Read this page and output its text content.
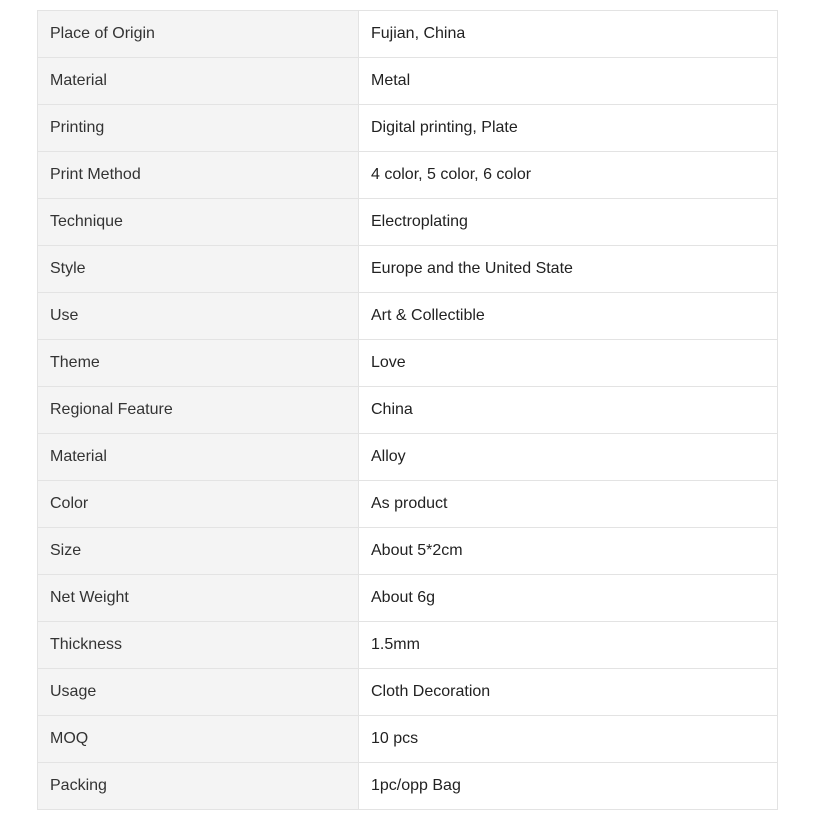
Place of Origin	Fujian, China
Material	Metal
Printing	Digital printing, Plate
Print Method	4 color, 5 color, 6 color
Technique	Electroplating
Style	Europe and the United State
Use	Art & Collectible
Theme	Love
Regional Feature	China
Material	Alloy
Color	As product
Size	About 5*2cm
Net Weight	About 6g
Thickness	1.5mm
Usage	Cloth Decoration
MOQ	10 pcs
Packing	1pc/opp Bag
